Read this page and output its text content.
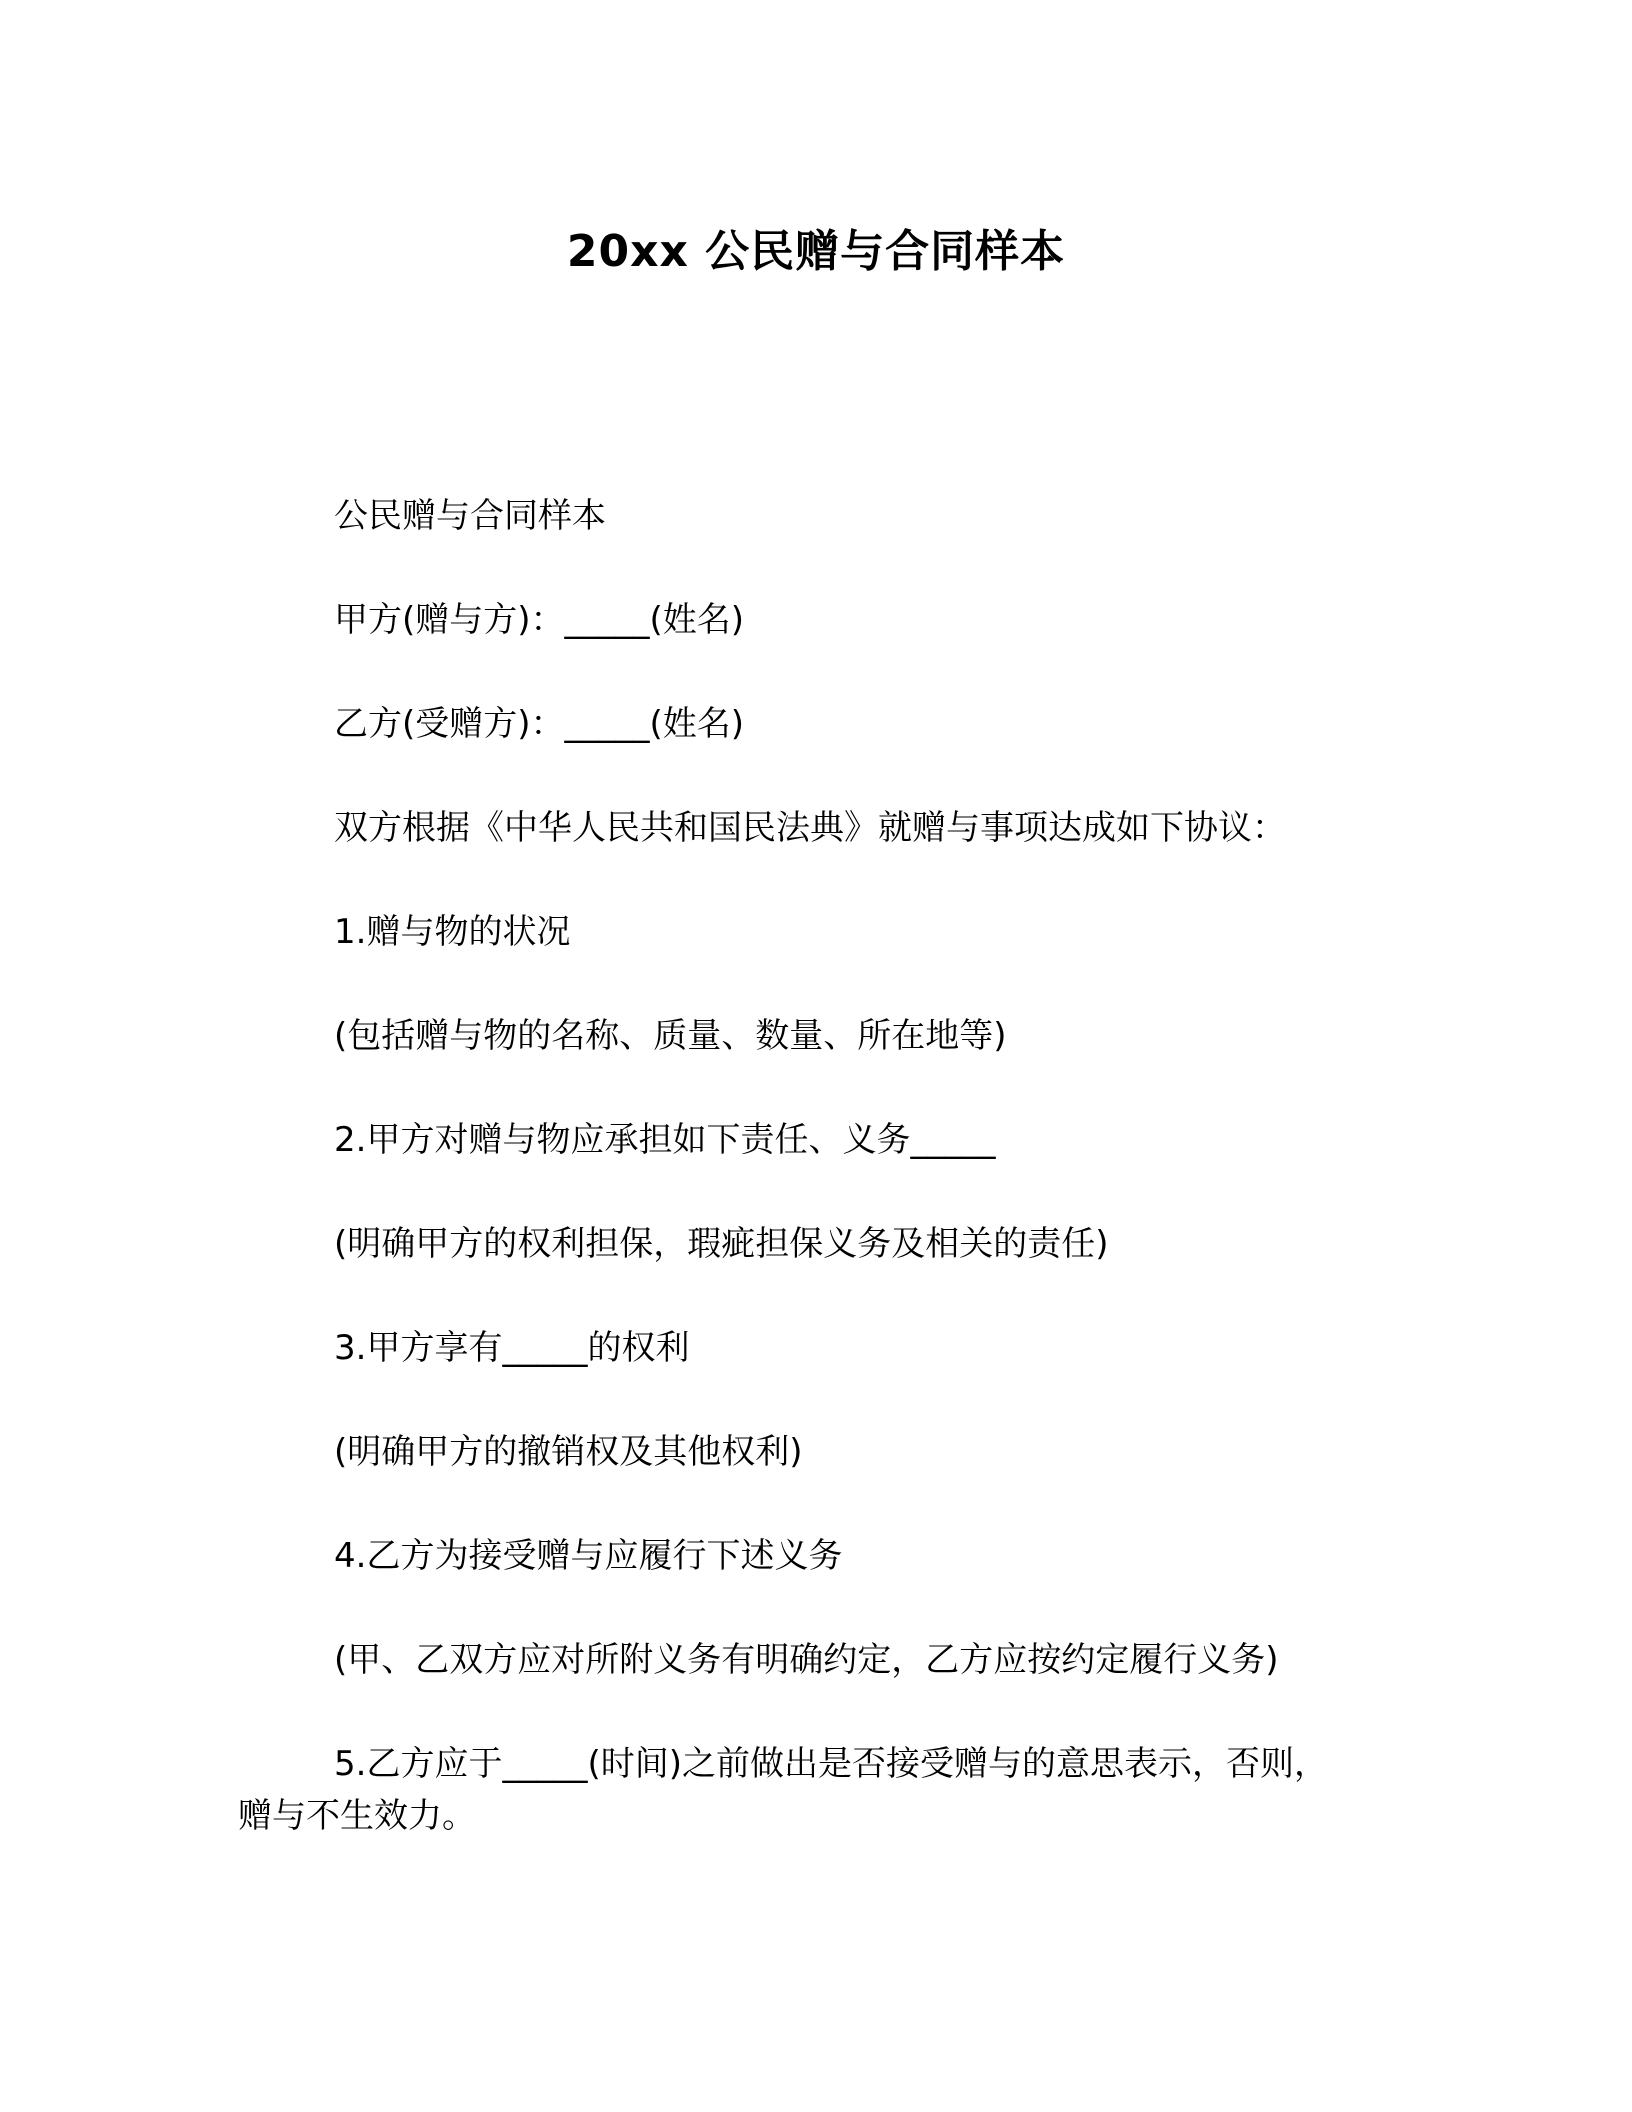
20xx 公民赠与合同样本

公民赠与合同样本

甲方(赠与方)：_____(姓名)

乙方(受赠方)：_____(姓名)

双方根据《中华人民共和国民法典》就赠与事项达成如下协议：

1.赠与物的状况

(包括赠与物的名称、质量、数量、所在地等)

2.甲方对赠与物应承担如下责任、义务_____

(明确甲方的权利担保，瑕疵担保义务及相关的责任)

3.甲方享有_____的权利

(明确甲方的撤销权及其他权利)

4.乙方为接受赠与应履行下述义务

(甲、乙双方应对所附义务有明确约定，乙方应按约定履行义务)

5.乙方应于_____(时间)之前做出是否接受赠与的意思表示，否则，赠与不生效力。
